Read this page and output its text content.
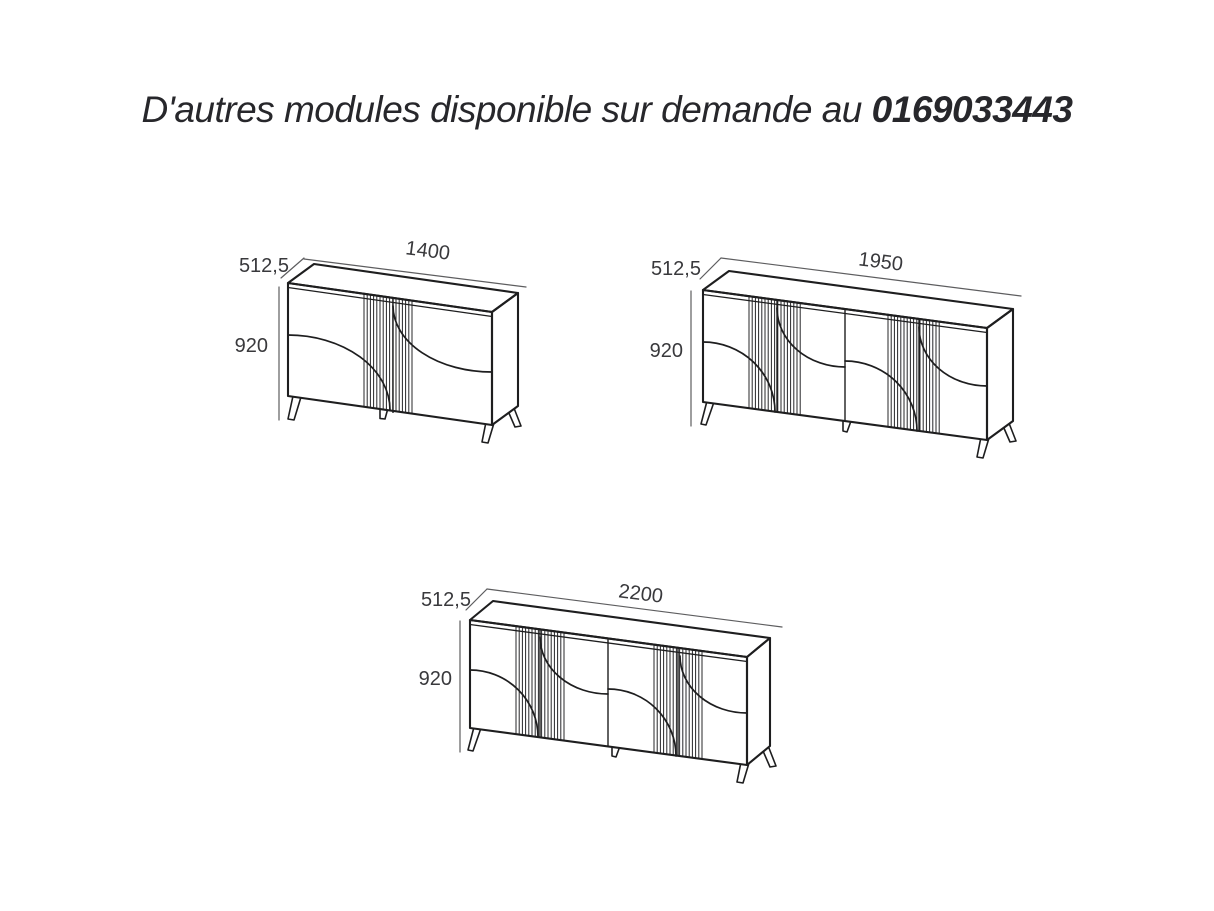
D'autres modules disponible sur demande au 0169033443
1400
512,5
920
1950
512,5
920
2200
512,5
920
